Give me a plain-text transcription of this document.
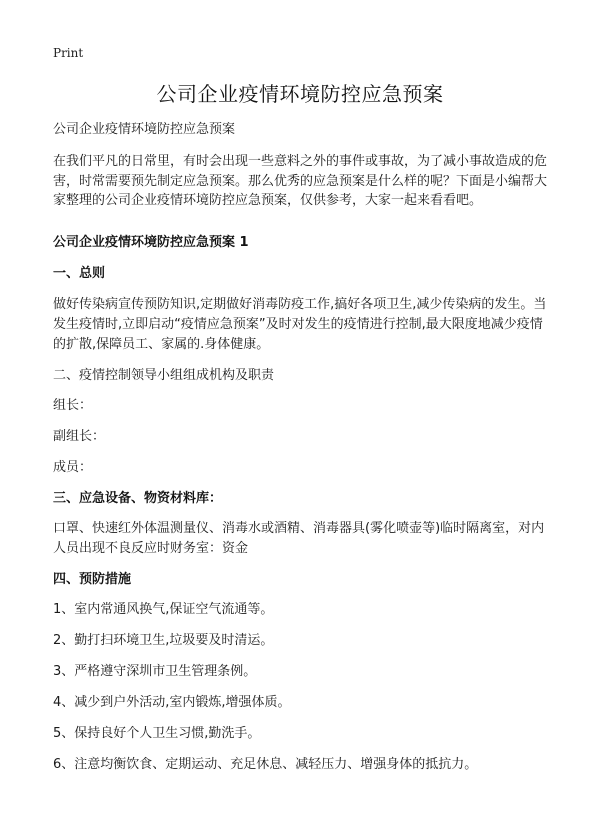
Print
公司企业疫情环境防控应急预案
公司企业疫情环境防控应急预案
在我们平凡的日常里，有时会出现一些意料之外的事件或事故，为了减小事故造成的危害，时常需要预先制定应急预案。那么优秀的应急预案是什么样的呢？下面是小编帮大家整理的公司企业疫情环境防控应急预案，仅供参考，大家一起来看看吧。
公司企业疫情环境防控应急预案 1
一、总则
做好传染病宣传预防知识,定期做好消毒防疫工作,搞好各项卫生,减少传染病的发生。当发生疫情时,立即启动“疫情应急预案”及时对发生的疫情进行控制,最大限度地减少疫情的扩散,保障员工、家属的.身体健康。
二、疫情控制领导小组组成机构及职责
组长：
副组长：
成员：
三、应急设备、物资材料库：
口罩、快速红外体温测量仪、消毒水或酒精、消毒器具(雾化喷壶等)临时隔离室，对内人员出现不良反应时财务室：资金
四、预防措施
1、室内常通风换气,保证空气流通等。
2、勤打扫环境卫生,垃圾要及时清运。
3、严格遵守深圳市卫生管理条例。
4、减少到户外活动,室内锻炼,增强体质。
5、保持良好个人卫生习惯,勤洗手。
6、注意均衡饮食、定期运动、充足休息、减轻压力、增强身体的抵抗力。
